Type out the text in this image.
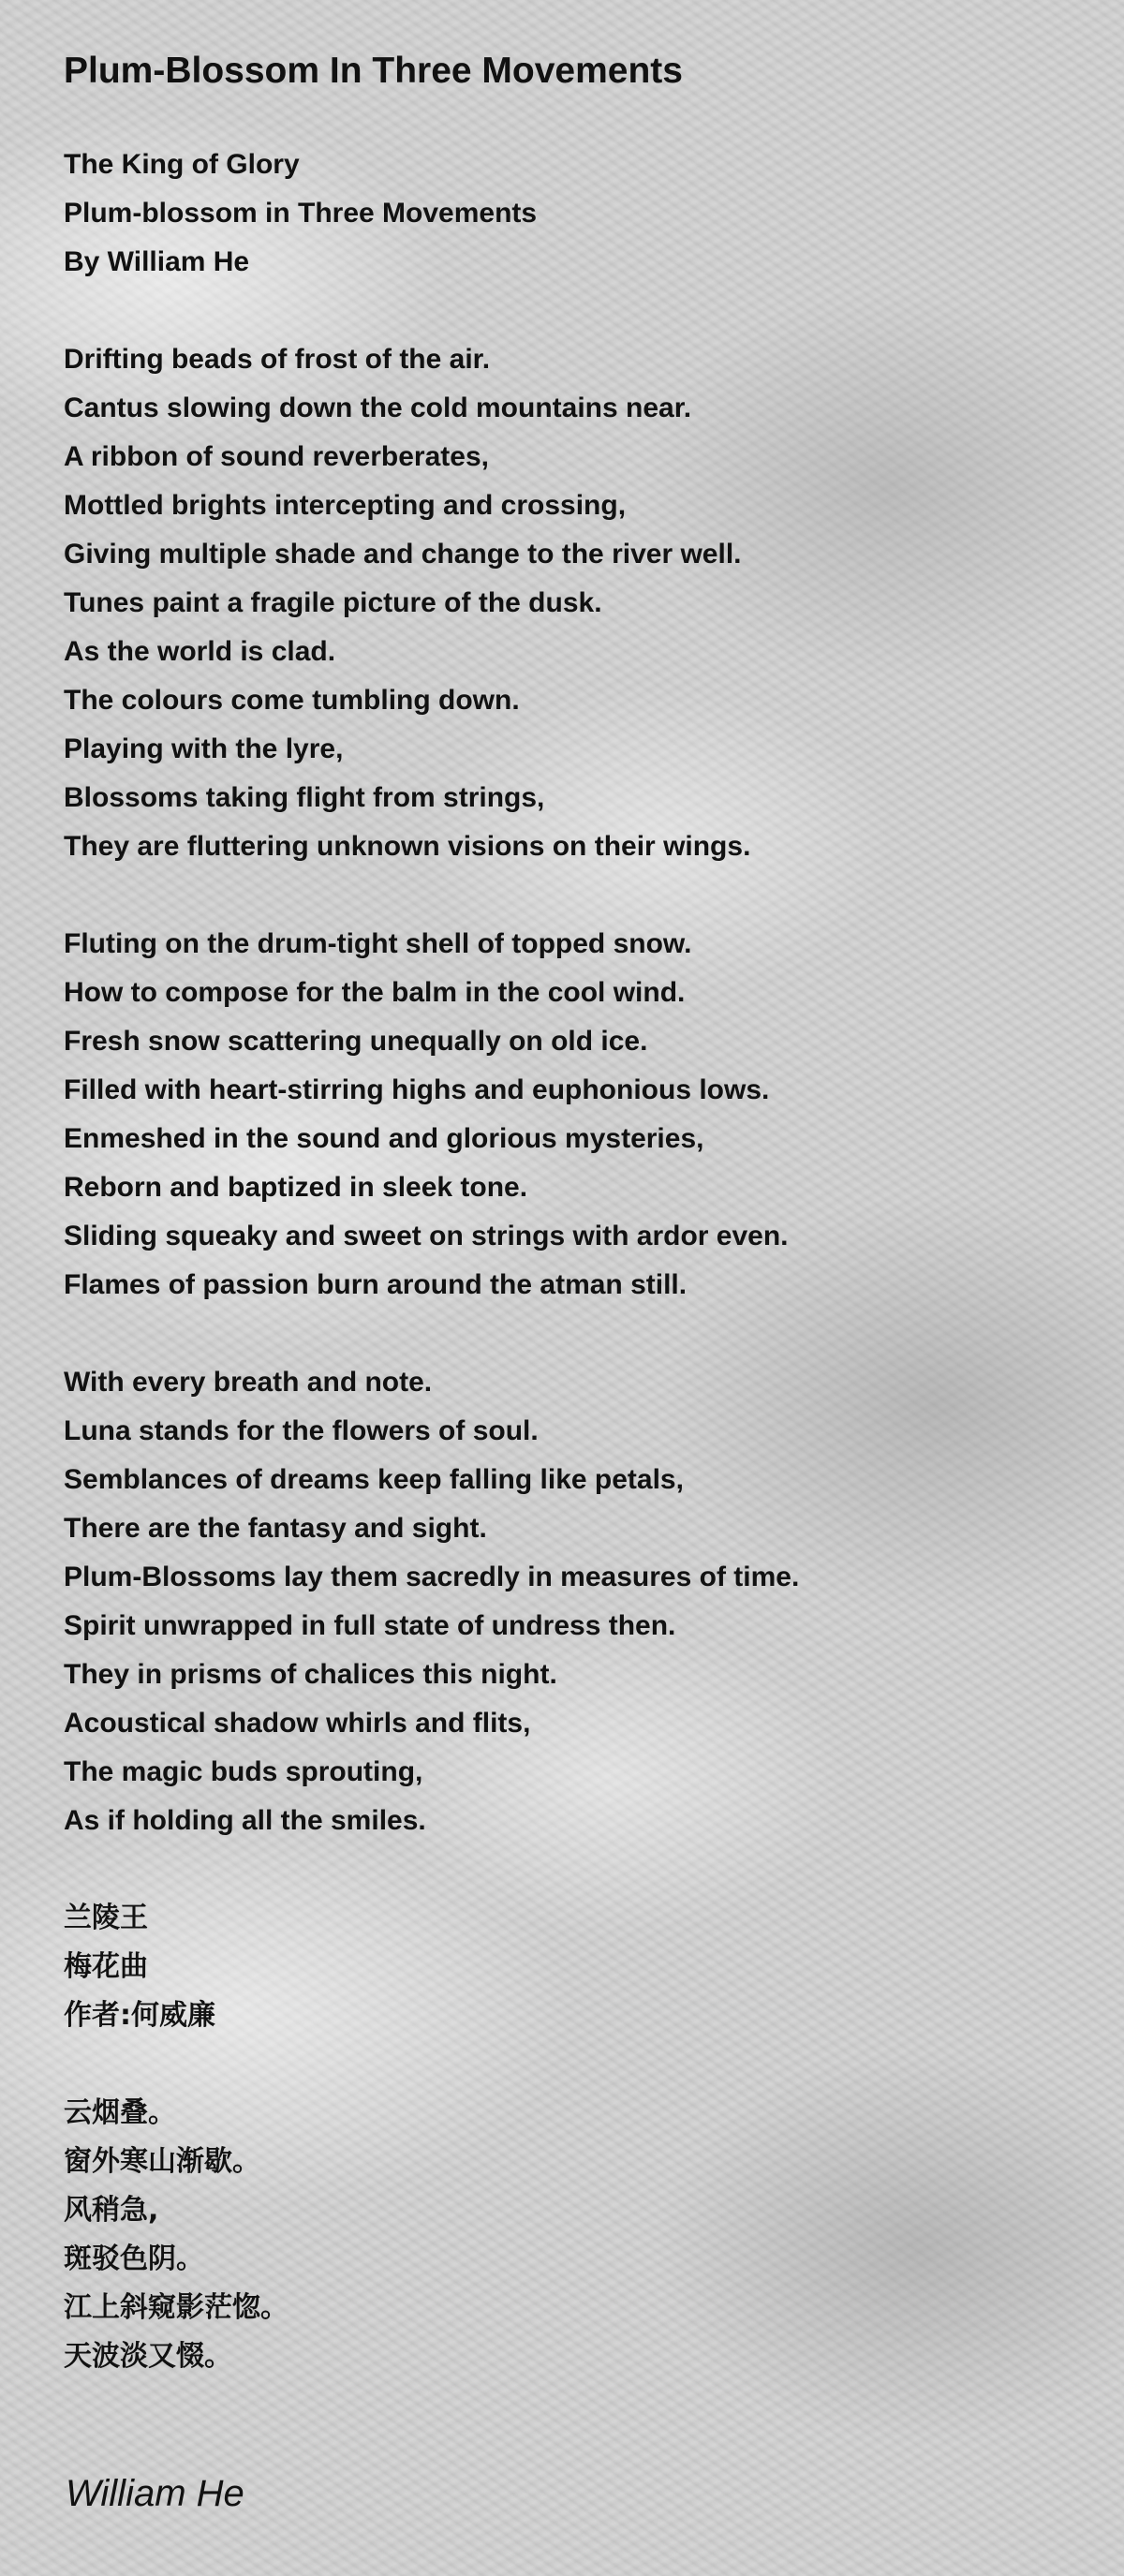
Plum-Blossom In Three Movements
The King of Glory
Plum-blossom in Three Movements
By William He
Drifting beads of frost of the air.
Cantus slowing down the cold mountains near.
A ribbon of sound reverberates,
Mottled brights intercepting and crossing,
Giving multiple shade and change to the river well.
Tunes paint a fragile picture of the dusk.
As the world is clad.
The colours come tumbling down.
Playing with the lyre,
Blossoms taking flight from strings,
They are fluttering unknown visions on their wings.
Fluting on the drum-tight shell of topped snow.
How to compose for the balm in the cool wind.
Fresh snow scattering unequally on old ice.
Filled with heart-stirring highs and euphonious lows.
Enmeshed in the sound and glorious mysteries,
Reborn and baptized in sleek tone.
Sliding squeaky and sweet on strings with ardor even.
Flames of passion burn around the atman still.
With every breath and note.
Luna stands for the flowers of soul.
Semblances of dreams keep falling like petals,
There are the fantasy and sight.
Plum-Blossoms lay them sacredly in measures of time.
Spirit unwrapped in full state of undress then.
They in prisms of chalices this night.
Acoustical shadow whirls and flits,
The magic buds sprouting,
As if holding all the smiles.
兰陵王
梅花曲
作者:何威廉
云烟叠。
窗外寒山渐歇。
风稍急,
斑驳色阴。
江上斜窥影茫惚。
天波淡又惙。
William He
